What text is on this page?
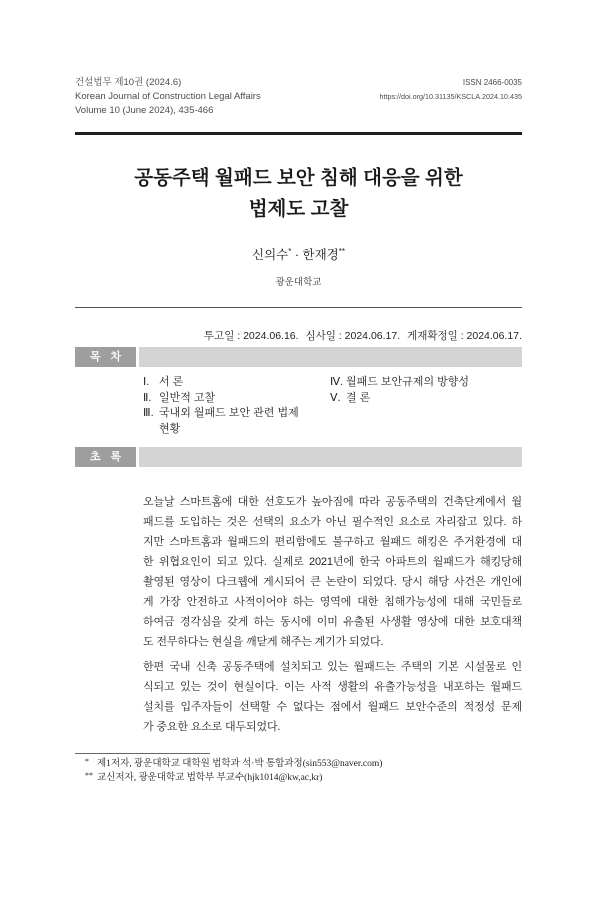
건설법무 제10권 (2024.6)
Korean Journal of Construction Legal Affairs
Volume 10 (June 2024), 435-466
ISSN 2466-0035
https://doi.org/10.31135/KSCLA.2024.10.435
공동주택 월패드 보안 침해 대응을 위한
법제도 고찰
신의수* · 한재경**
광운대학교
투고일 : 2024.06.16. 심사일 : 2024.06.17. 게재확정일 : 2024.06.17.
목 차
Ⅰ. 서 론
Ⅱ. 일반적 고찰
Ⅲ. 국내외 월패드 보안 관련 법제
현황
Ⅳ. 월패드 보안규제의 방향성
Ⅴ. 결 론
초 록
오늘날 스마트홈에 대한 선호도가 높아짐에 따라 공동주택의 건축단계에서 월
패드를 도입하는 것은 선택의 요소가 아닌 필수적인 요소로 자리잡고 있다. 하
지만 스마트홈과 월패드의 편리함에도 불구하고 월패드 해킹은 주거환경에 대
한 위협요인이 되고 있다. 실제로 2021년에 한국 아파트의 월패드가 해킹당해
촬영된 영상이 다크웹에 게시되어 큰 논란이 되었다. 당시 해당 사건은 개인에
게 가장 안전하고 사적이어야 하는 영역에 대한 침해가능성에 대해 국민들로
하여금 경각심을 갖게 하는 동시에 이미 유출된 사생활 영상에 대한 보호대책
도 전무하다는 현실을 깨닫게 해주는 계기가 되었다.
한편 국내 신축 공동주택에 설치되고 있는 월패드는 주택의 기본 시설물로 인
식되고 있는 것이 현실이다. 이는 사적 생활의 유출가능성을 내포하는 월패드
설치를 입주자들이 선택할 수 없다는 점에서 월패드 보안수준의 적정성 문제
가 중요한 요소로 대두되었다.
* 제1저자, 광운대학교 대학원 법학과 석·박 통합과정(sin553@naver.com)
** 교신저자, 광운대학교 법학부 부교수(hjk1014@kw,ac,kr)
